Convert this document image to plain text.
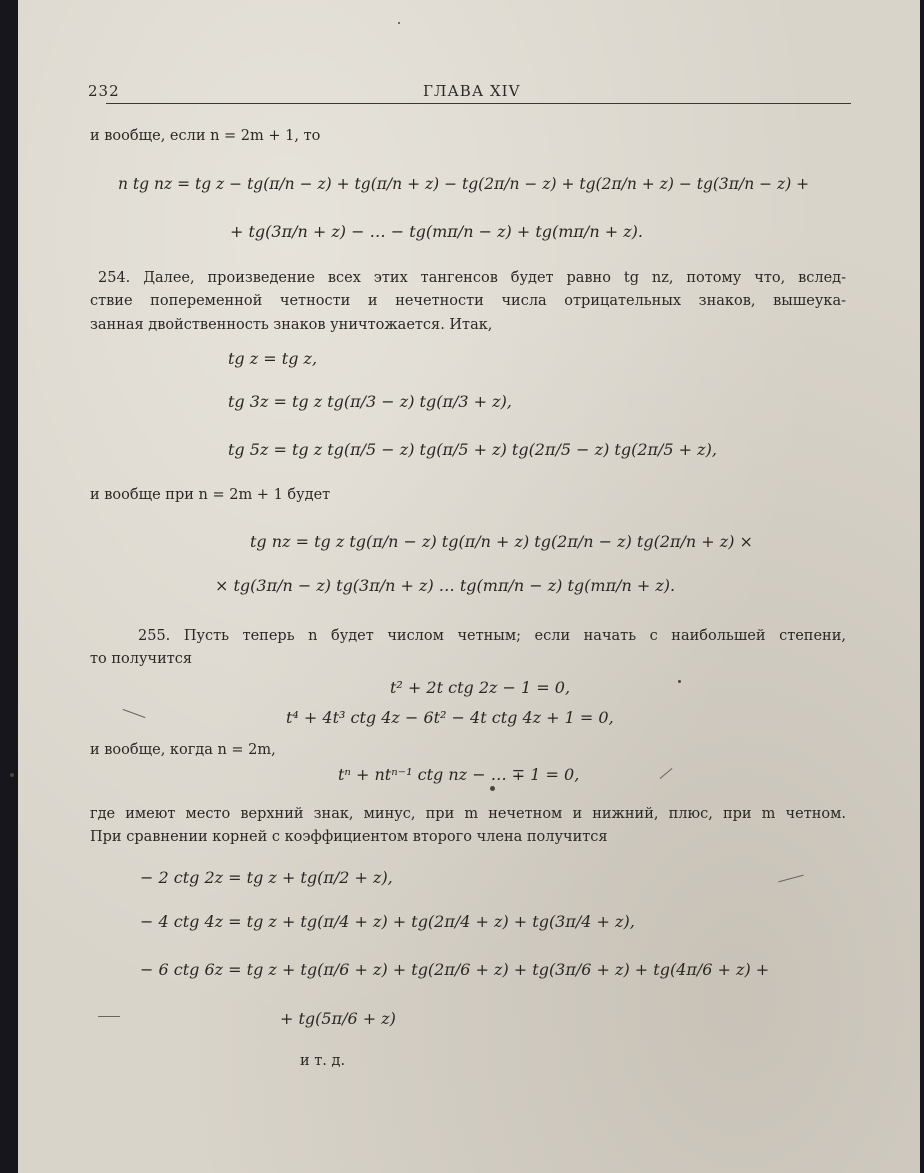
232	ГЛАВА XIV
и вообще, если n = 2m + 1, то
n tg nz = tg z − tg(π/n − z) + tg(π/n + z) − tg(2π/n − z) + tg(2π/n + z) − tg(3π/n − z) +
+ tg(3π/n + z) − … − tg(mπ/n − z) + tg(mπ/n + z).
254. Далее, произведение всех этих тангенсов будет равно tg nz, потому что, вслед-
ствие попеременной четности и нечетности числа отрицательных знаков, вышеука-
занная двойственность знаков уничтожается. Итак,
tg z = tg z,
tg 3z = tg z tg(π/3 − z) tg(π/3 + z),
tg 5z = tg z tg(π/5 − z) tg(π/5 + z) tg(2π/5 − z) tg(2π/5 + z),
и вообще при n = 2m + 1 будет
tg nz = tg z tg(π/n − z) tg(π/n + z) tg(2π/n − z) tg(2π/n + z) ×
× tg(3π/n − z) tg(3π/n + z) … tg(mπ/n − z) tg(mπ/n + z).
255. Пусть теперь n будет числом четным; если начать с наибольшей степени,
то получится
t² + 2t ctg 2z − 1 = 0,
t⁴ + 4t³ ctg 4z − 6t² − 4t ctg 4z + 1 = 0,
и вообще, когда n = 2m,
tⁿ + ntⁿ⁻¹ ctg nz − … ∓ 1 = 0,
где имеют место верхний знак, минус, при m нечетном и нижний, плюс, при m четном.
При сравнении корней с коэффициентом второго члена получится
− 2 ctg 2z = tg z + tg(π/2 + z),
− 4 ctg 4z = tg z + tg(π/4 + z) + tg(2π/4 + z) + tg(3π/4 + z),
− 6 ctg 6z = tg z + tg(π/6 + z) + tg(2π/6 + z) + tg(3π/6 + z) + tg(4π/6 + z) +
+ tg(5π/6 + z)
и т. д.
